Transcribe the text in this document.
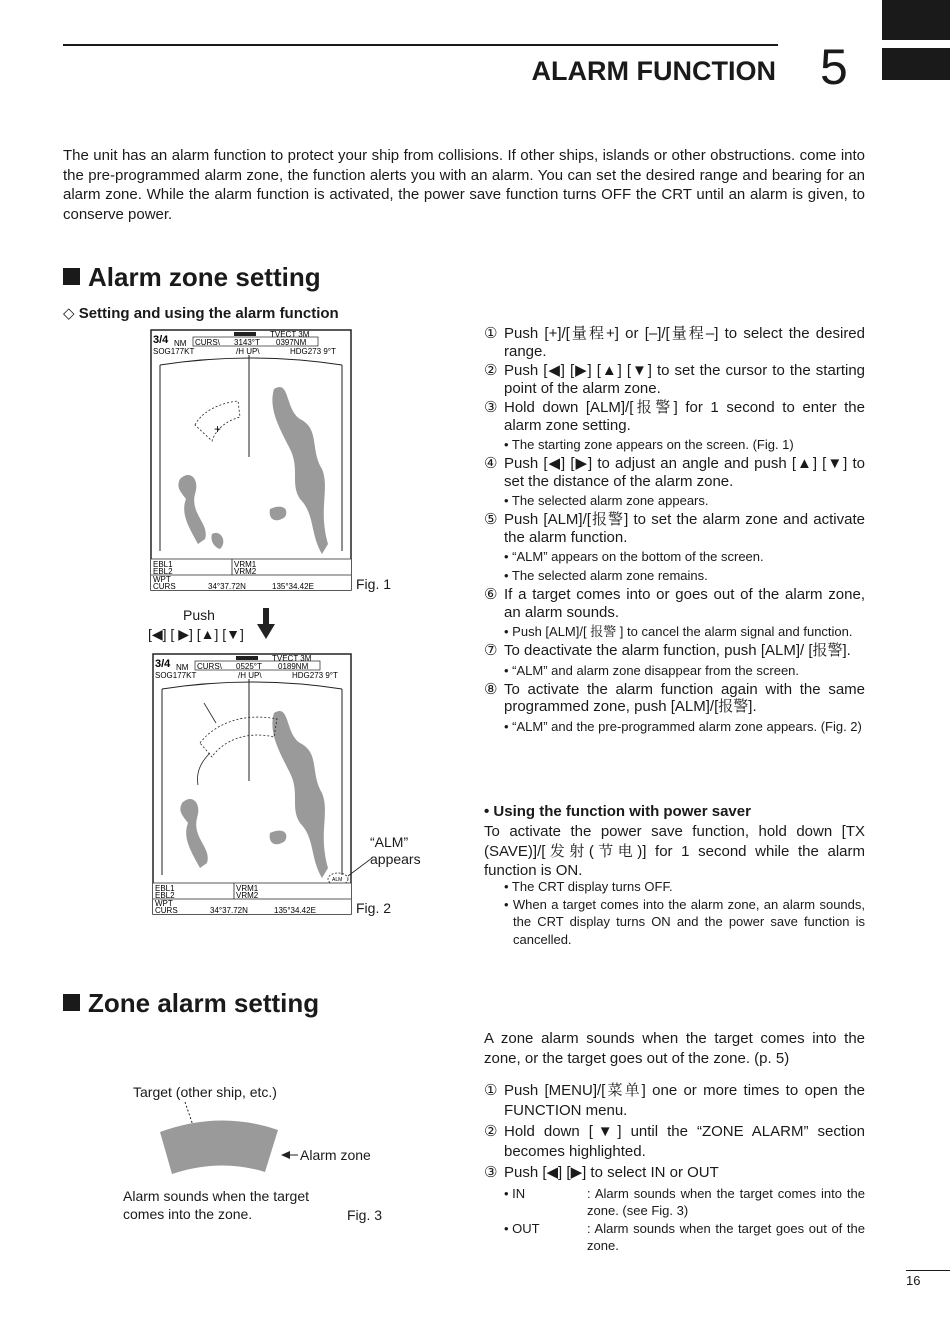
ALARM FUNCTION 5
The unit has an alarm function to protect your ship from collisions. If other ships, islands or other obstructions. come into the pre-programmed alarm zone, the function alerts you with an alarm. You can set the desired range and bearing for an alarm zone. While the alarm function is activated, the power save function turns OFF the CRT until an alarm is given, to conserve power.
Alarm zone setting
◇ Setting and using the alarm function
3/4 NM
TVECT 3M
CURS\ 3143°T 0397NM
SOG177KT	/H UP\	HDG273 9°T
+
EBL1	VRM1
EBL2	VRM2
WPT
CURS	34°37.72N	135°34.42E	Fig. 1
Push
[◀] [ ▶] [▲] [▼]
3/4 NM
TVECT 3M
CURS\ 0525°T 0189NM
SOG177KT	/H UP\	HDG273 9°T
ALM
EBL1	VRM1
EBL2	VRM2
WPT
CURS	34°37.72N	135°34.42E
“ALM”
appears
Fig. 2
① Push [+]/[量程+] or [–]/[量程–] to select the desired range.
② Push [◀] [▶] [▲] [▼] to set the cursor to the starting point of the alarm zone.
③ Hold down [ALM]/[报警] for 1 second to enter the alarm zone setting.
• The starting zone appears on the screen. (Fig. 1)
④ Push [◀] [▶] to adjust an angle and push [▲] [▼] to set the distance of the alarm zone.
• The selected alarm zone appears.
⑤ Push [ALM]/[报警] to set the alarm zone and activate the alarm function.
• “ALM” appears on the bottom of the screen.
• The selected alarm zone remains.
⑥ If a target comes into or goes out of the alarm zone, an alarm sounds.
• Push [ALM]/[ 报警 ] to cancel the alarm signal and function.
⑦ To deactivate the alarm function, push [ALM]/ [报警].
• “ALM” and alarm zone disappear from the screen.
⑧ To activate the alarm function again with the same programmed zone, push [ALM]/[报警].
• “ALM” and the pre-programmed alarm zone appears. (Fig. 2)
• Using the function with power saver
To activate the power save function, hold down [TX (SAVE)]/[发射(节电)] for 1 second while the alarm function is ON.
• The CRT display turns OFF.
• When a target comes into the alarm zone, an alarm sounds, the CRT display turns ON and the power save function is cancelled.
Zone alarm setting
A zone alarm sounds when the target comes into the zone, or the target goes out of the zone. (p. 5)
Target (other ship, etc.)
Alarm zone
Alarm sounds when the target
comes into the zone.	Fig. 3
① Push [MENU]/[菜单] one or more times to open the FUNCTION menu.
② Hold down [▼] until the “ZONE ALARM” section becomes highlighted.
③ Push [◀] [▶] to select IN or OUT
• IN	: Alarm sounds when the target comes into the zone. (see Fig. 3)
• OUT	: Alarm sounds when the target goes out of the zone.
16
